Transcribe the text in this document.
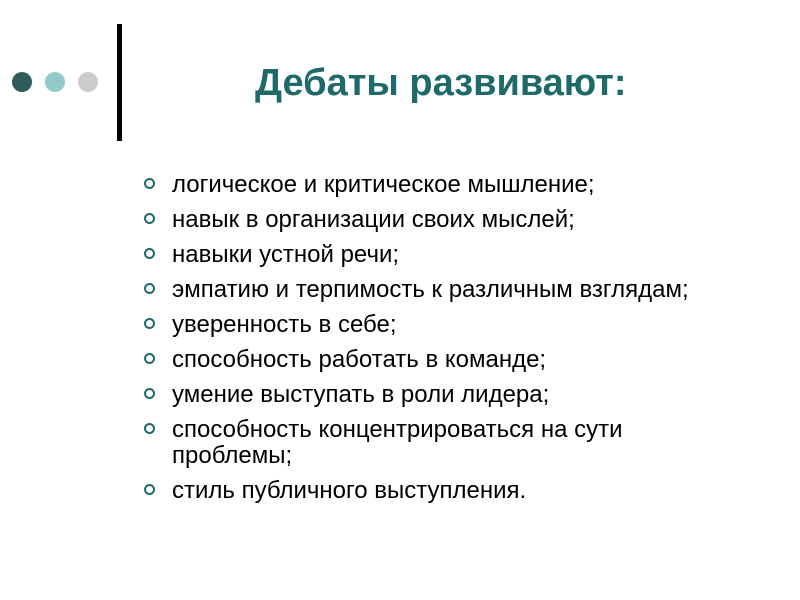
Дебаты развивают:
логическое и критическое мышление;
навык в организации своих мыслей;
навыки устной речи;
эмпатию и терпимость к различным взглядам;
уверенность в себе;
способность работать в команде;
умение выступать в роли лидера;
способность концентрироваться на сути проблемы;
стиль публичного выступления.
